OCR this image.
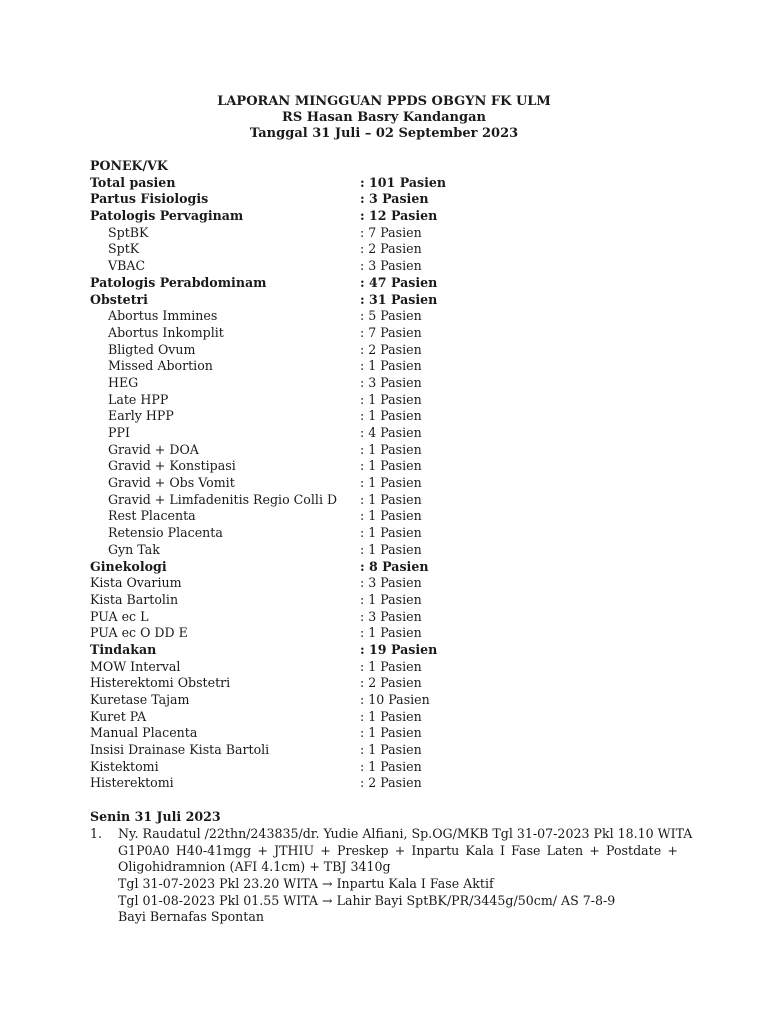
LAPORAN MINGGUAN PPDS OBGYN FK ULM
RS Hasan Basry Kandangan
Tanggal 31 Juli – 02 September 2023
PONEK/VK
Total pasien	: 101 Pasien
Partus Fisiologis	: 3 Pasien
Patologis Pervaginam	: 12 Pasien
SptBK	: 7 Pasien
SptK	: 2 Pasien
VBAC	: 3 Pasien
Patologis Perabdominam	: 47 Pasien
Obstetri	: 31 Pasien
Abortus Immines	: 5 Pasien
Abortus Inkomplit	: 7 Pasien
Bligted Ovum	: 2 Pasien
Missed Abortion	: 1 Pasien
HEG	: 3 Pasien
Late HPP	: 1 Pasien
Early HPP	: 1 Pasien
PPI	: 4 Pasien
Gravid + DOA	: 1 Pasien
Gravid + Konstipasi	: 1 Pasien
Gravid + Obs Vomit	: 1 Pasien
Gravid + Limfadenitis Regio Colli D : 1 Pasien
Rest Placenta	: 1 Pasien
Retensio Placenta	: 1 Pasien
Gyn Tak	: 1 Pasien
Ginekologi	: 8 Pasien
Kista Ovarium	: 3 Pasien
Kista Bartolin	: 1 Pasien
PUA ec L	: 3 Pasien
PUA ec O DD E	: 1 Pasien
Tindakan	: 19 Pasien
MOW Interval	: 1 Pasien
Histerektomi Obstetri	: 2 Pasien
Kuretase Tajam	: 10 Pasien
Kuret PA	: 1 Pasien
Manual Placenta	: 1 Pasien
Insisi Drainase Kista Bartoli	: 1 Pasien
Kistektomi	: 1 Pasien
Histerektomi	: 2 Pasien
Senin 31 Juli 2023
1. Ny. Raudatul /22thn/243835/dr. Yudie Alfiani, Sp.OG/MKB Tgl 31-07-2023 Pkl 18.10 WITA
G1P0A0 H40-41mgg + JTHIU + Preskep + Inpartu Kala I Fase Laten + Postdate +
Oligohidramnion (AFI 4.1cm) + TBJ 3410g
Tgl 31-07-2023 Pkl 23.20 WITA → Inpartu Kala I Fase Aktif
Tgl 01-08-2023 Pkl 01.55 WITA → Lahir Bayi SptBK/PR/3445g/50cm/ AS 7-8-9
Bayi Bernafas Spontan
